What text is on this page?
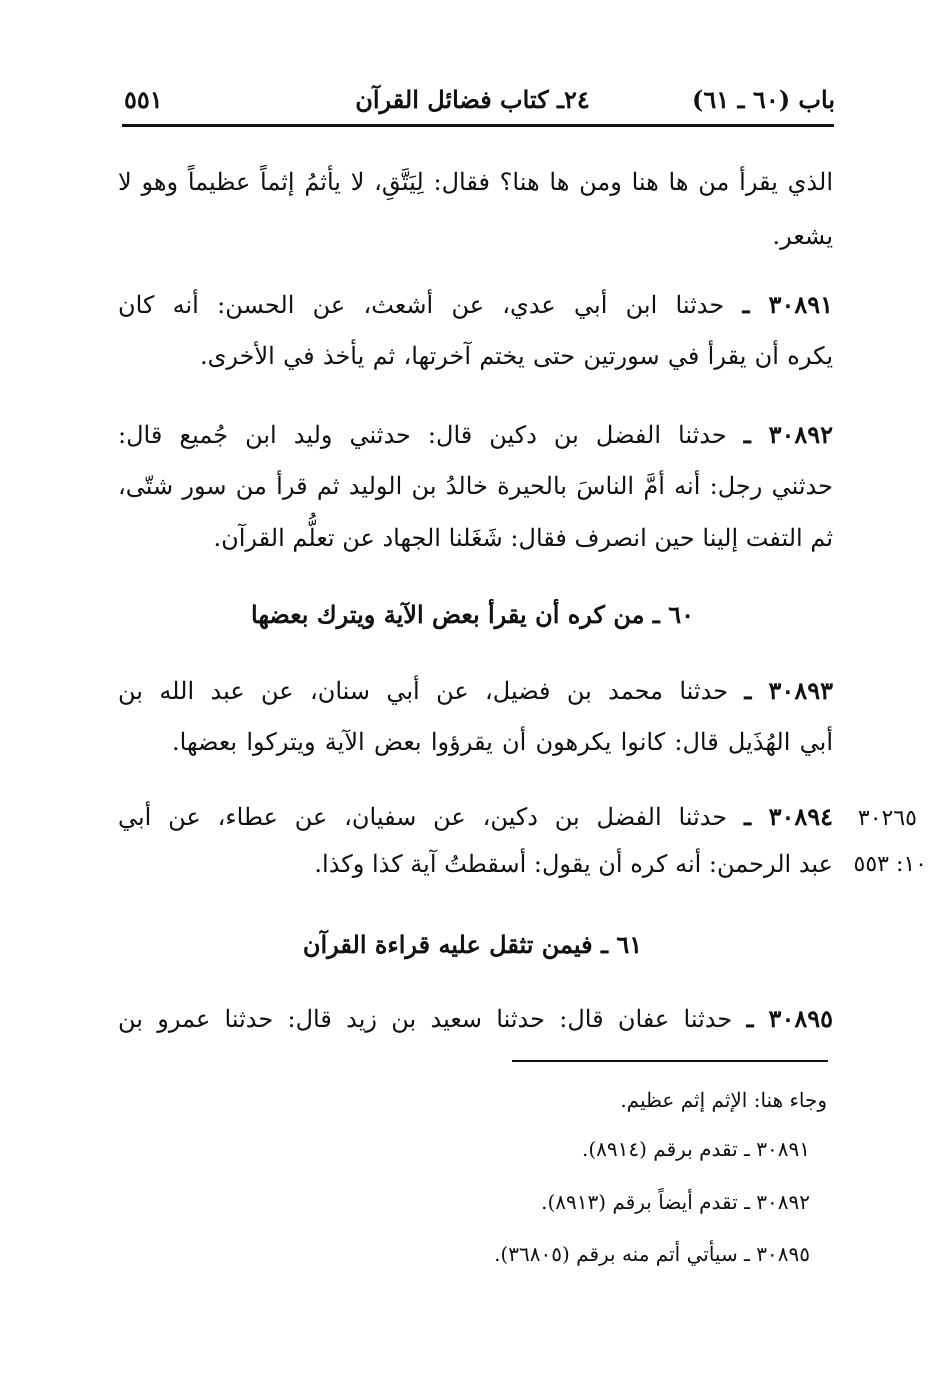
باب (٦٠ ـ ٦١)
٢٤ـ كتاب فضائل القرآن
٥٥١
الذي يقرأ من ها هنا ومن ها هنا؟ فقال: لِيَتَّقِ، لا يأثمُ إثماً عظيماً وهو لا
يشعر.
٣٠٨٩١ ـ حدثنا ابن أبي عدي، عن أشعث، عن الحسن: أنه كان
يكره أن يقرأ في سورتين حتى يختم آخرتها، ثم يأخذ في الأخرى.
٣٠٨٩٢ ـ حدثنا الفضل بن دكين قال: حدثني وليد ابن جُميع قال:
حدثني رجل: أنه أمَّ الناسَ بالحيرة خالدُ بن الوليد ثم قرأ من سور شتّى،
ثم التفت إلينا حين انصرف فقال: شَغَلنا الجهاد عن تعلُّم القرآن.
٦٠ ـ من كره أن يقرأ بعض الآية ويترك بعضها
٣٠٨٩٣ ـ حدثنا محمد بن فضيل، عن أبي سنان، عن عبد الله بن
أبي الهُذَيل قال: كانوا يكرهون أن يقرؤوا بعض الآية ويتركوا بعضها.
٣٠٨٩٤ ـ حدثنا الفضل بن دكين، عن سفيان، عن عطاء، عن أبي
عبد الرحمن: أنه كره أن يقول: أسقطتُ آية كذا وكذا.
٣٠٢٦٥
١٠: ٥٥٣
٦١ ـ فيمن تثقل عليه قراءة القرآن
٣٠٨٩٥ ـ حدثنا عفان قال: حدثنا سعيد بن زيد قال: حدثنا عمرو بن
وجاء هنا: الإثم إثم عظيم.
٣٠٨٩١ ـ تقدم برقم (٨٩١٤).
٣٠٨٩٢ ـ تقدم أيضاً برقم (٨٩١٣).
٣٠٨٩٥ ـ سيأتي أتم منه برقم (٣٦٨٠٥).
